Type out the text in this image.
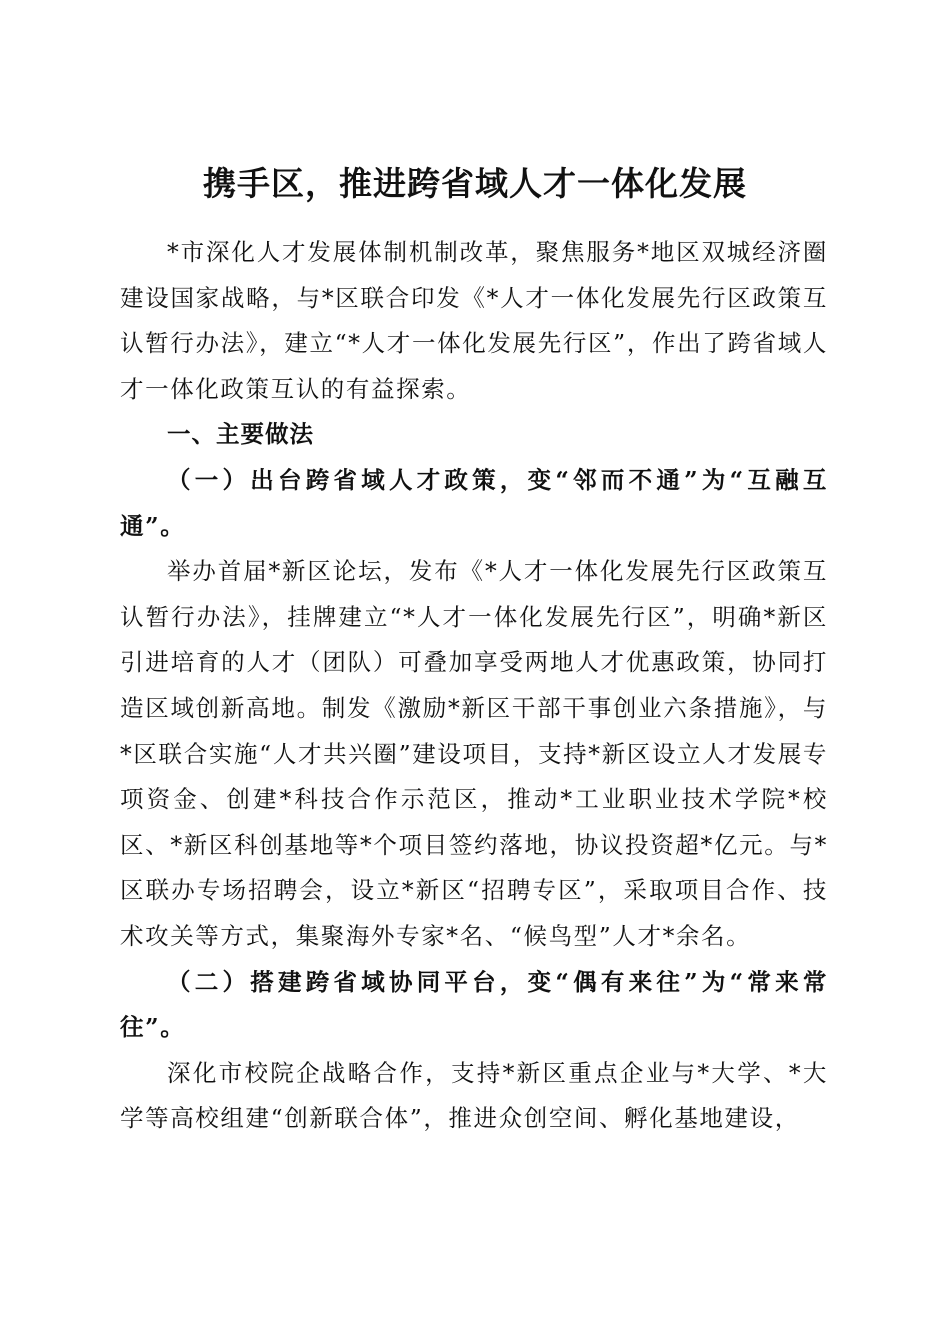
携手区，推进跨省域人才一体化发展

*市深化人才发展体制机制改革，聚焦服务*地区双城经济圈建设国家战略，与*区联合印发《*人才一体化发展先行区政策互认暂行办法》，建立“*人才一体化发展先行区”，作出了跨省域人才一体化政策互认的有益探索。

一、主要做法

（一）出台跨省域人才政策，变“邻而不通”为“互融互通”。

举办首届*新区论坛，发布《*人才一体化发展先行区政策互认暂行办法》，挂牌建立“*人才一体化发展先行区”，明确*新区引进培育的人才（团队）可叠加享受两地人才优惠政策，协同打造区域创新高地。制发《激励*新区干部干事创业六条措施》，与*区联合实施“人才共兴圈”建设项目，支持*新区设立人才发展专项资金、创建*科技合作示范区，推动*工业职业技术学院*校区、*新区科创基地等*个项目签约落地，协议投资超*亿元。与*区联办专场招聘会，设立*新区“招聘专区”，采取项目合作、技术攻关等方式，集聚海外专家*名、“候鸟型”人才*余名。

（二）搭建跨省域协同平台，变“偶有来往”为“常来常往”。

深化市校院企战略合作，支持*新区重点企业与*大学、*大学等高校组建“创新联合体”，推进众创空间、孵化基地建设，
